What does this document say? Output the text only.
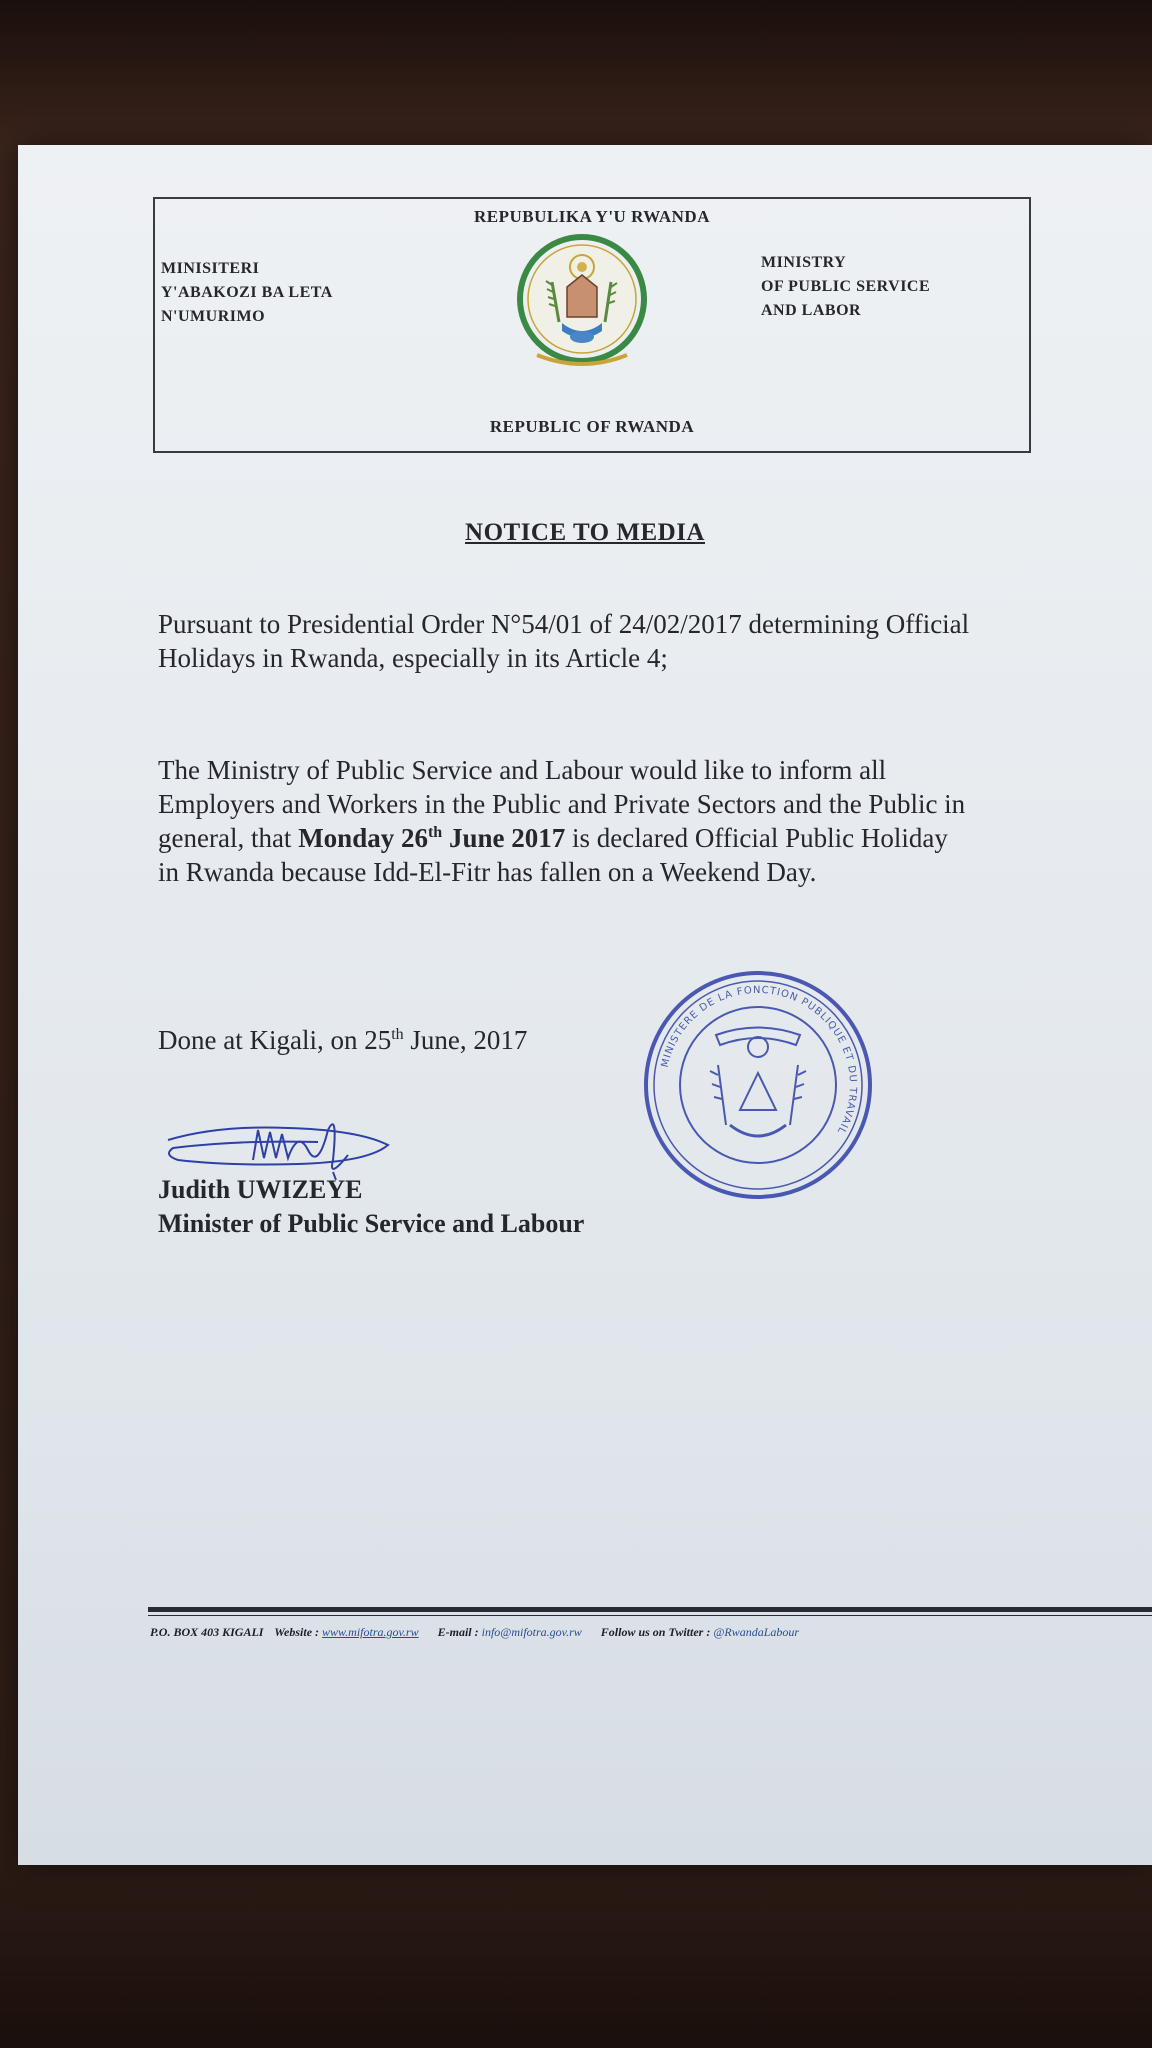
REPUBULIKA Y'U RWANDA
MINISITERI
Y'ABAKOZI BA LETA
N'UMURIMO
MINISTRY
OF PUBLIC SERVICE
AND LABOR
REPUBLIC OF RWANDA
NOTICE TO MEDIA
Pursuant to Presidential Order N°54/01 of 24/02/2017 determining Official
Holidays in Rwanda, especially in its Article 4;
The Ministry of Public Service and Labour would like to inform all
Employers and Workers in the Public and Private Sectors and the Public in
general, that Monday 26th June 2017 is declared Official Public Holiday
in Rwanda because Idd-El-Fitr has fallen on a Weekend Day.
Done at Kigali, on 25th June, 2017
Judith UWIZEYE
Minister of Public Service and Labour
MINISTERE DE LA FONCTION PUBLIQUE ET DU TRAVAIL
P.O. BOX 403 KIGALI Website : www.mifotra.gov.rw E-mail : info@mifotra.gov.rw Follow us on Twitter : @RwandaLabour
